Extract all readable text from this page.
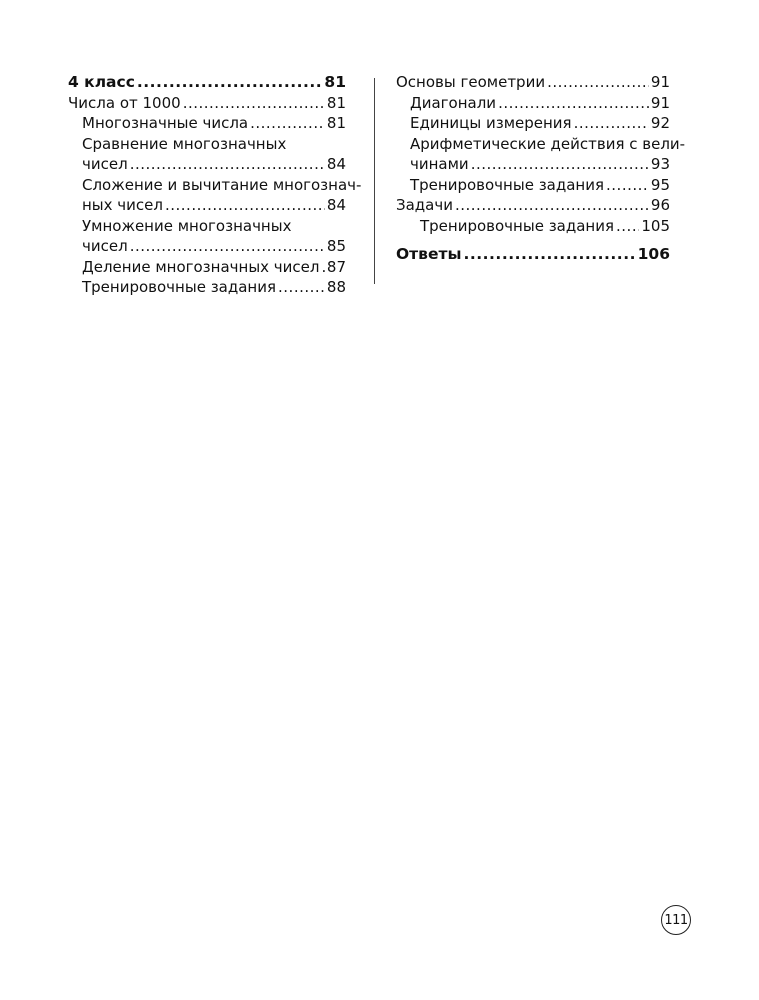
4 класс .....	81
Числа от 1000 .....	81
Многозначные числа .....	81
Сравнение многозначных
чисел .....	84
Сложение и вычитание многознач-
ных чисел .....	84
Умножение многозначных
чисел .....	85
Деление многозначных чисел ..... 87
Тренировочные задания .....	88
Основы геометрии .....	91
Диагонали .....	91
Единицы измерения .....	92
Арифметические действия с вели-
чинами .....	93
Тренировочные задания .....	95
Задачи .....	96
Тренировочные задания ..... 105
Ответы .....	106
111
